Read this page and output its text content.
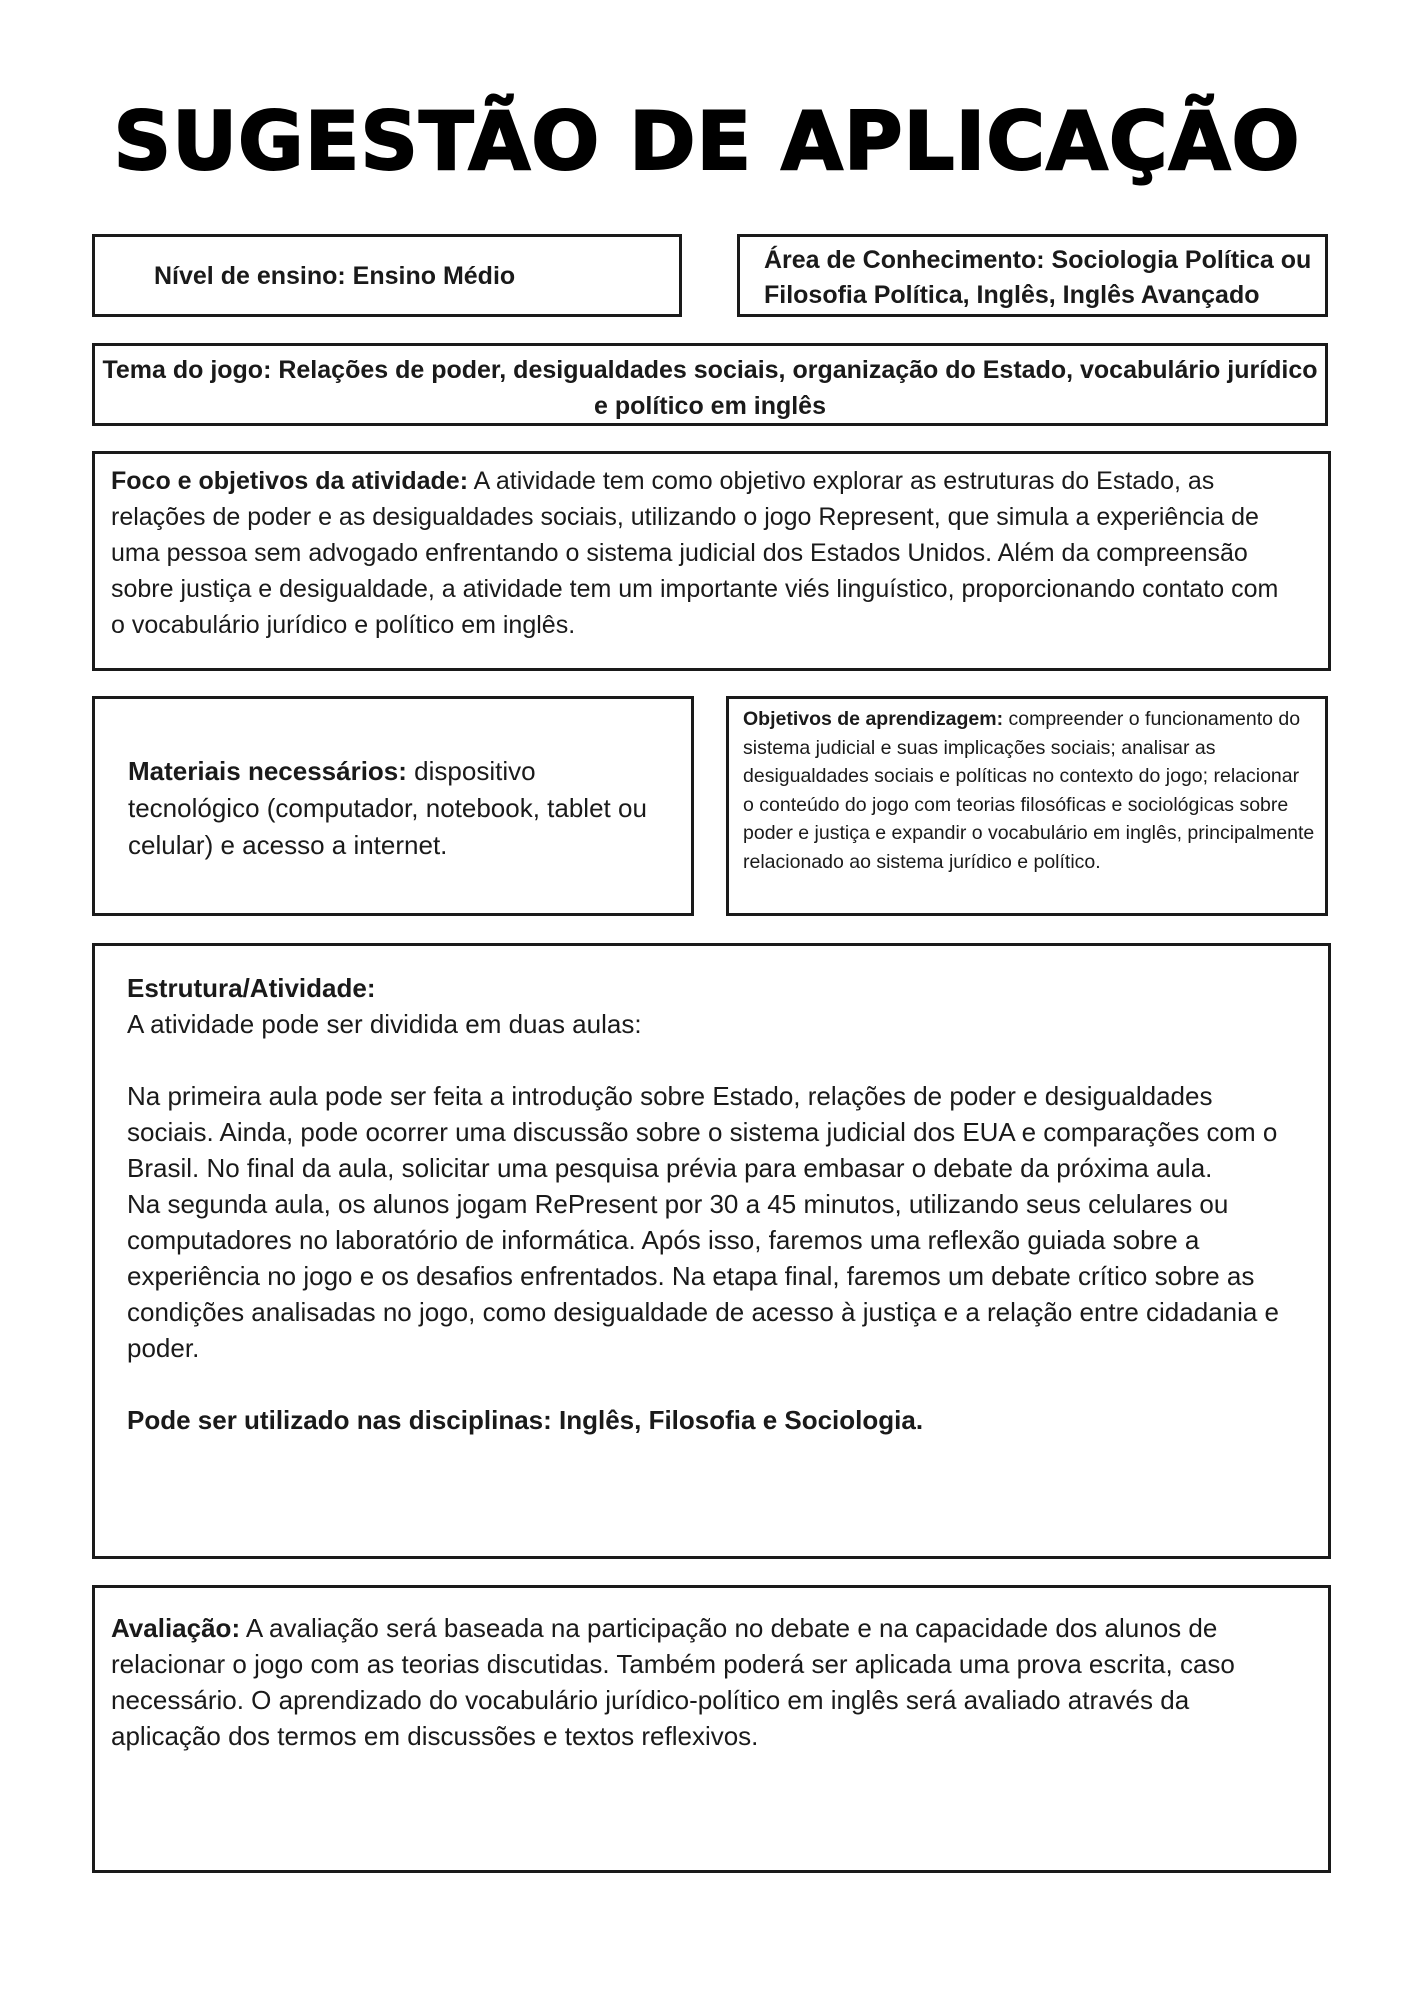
SUGESTÃO DE APLICAÇÃO
Nível de ensino: Ensino Médio
Área de Conhecimento: Sociologia Política ou Filosofia Política, Inglês, Inglês Avançado
Tema do jogo: Relações de poder, desigualdades sociais, organização do Estado, vocabulário jurídico e político em inglês
Foco e objetivos da atividade: A atividade tem como objetivo explorar as estruturas do Estado, as relações de poder e as desigualdades sociais, utilizando o jogo Represent, que simula a experiência de uma pessoa sem advogado enfrentando o sistema judicial dos Estados Unidos. Além da compreensão sobre justiça e desigualdade, a atividade tem um importante viés linguístico, proporcionando contato com o vocabulário jurídico e político em inglês.
Materiais necessários: dispositivo tecnológico (computador, notebook, tablet ou celular) e acesso a internet.
Objetivos de aprendizagem: compreender o funcionamento do sistema judicial e suas implicações sociais; analisar as desigualdades sociais e políticas no contexto do jogo; relacionar o conteúdo do jogo com teorias filosóficas e sociológicas sobre poder e justiça e expandir o vocabulário em inglês, principalmente relacionado ao sistema jurídico e político.

Estrutura/Atividade:

A atividade pode ser dividida em duas aulas:

Na primeira aula pode ser feita a introdução sobre Estado, relações de poder e desigualdades sociais. Ainda, pode ocorrer uma discussão sobre o sistema judicial dos EUA e comparações com o Brasil. No final da aula, solicitar uma pesquisa prévia para embasar o debate da próxima aula.

Na segunda aula, os alunos jogam RePresent por 30 a 45 minutos, utilizando seus celulares ou computadores no laboratório de informática. Após isso, faremos uma reflexão guiada sobre a experiência no jogo e os desafios enfrentados. Na etapa final, faremos um debate crítico sobre as condições analisadas no jogo, como desigualdade de acesso à justiça e a relação entre cidadania e poder.

Pode ser utilizado nas disciplinas: Inglês, Filosofia e Sociologia.

Avaliação: A avaliação será baseada na participação no debate e na capacidade dos alunos de relacionar o jogo com as teorias discutidas. Também poderá ser aplicada uma prova escrita, caso necessário. O aprendizado do vocabulário jurídico-político em inglês será avaliado através da aplicação dos termos em discussões e textos reflexivos.
